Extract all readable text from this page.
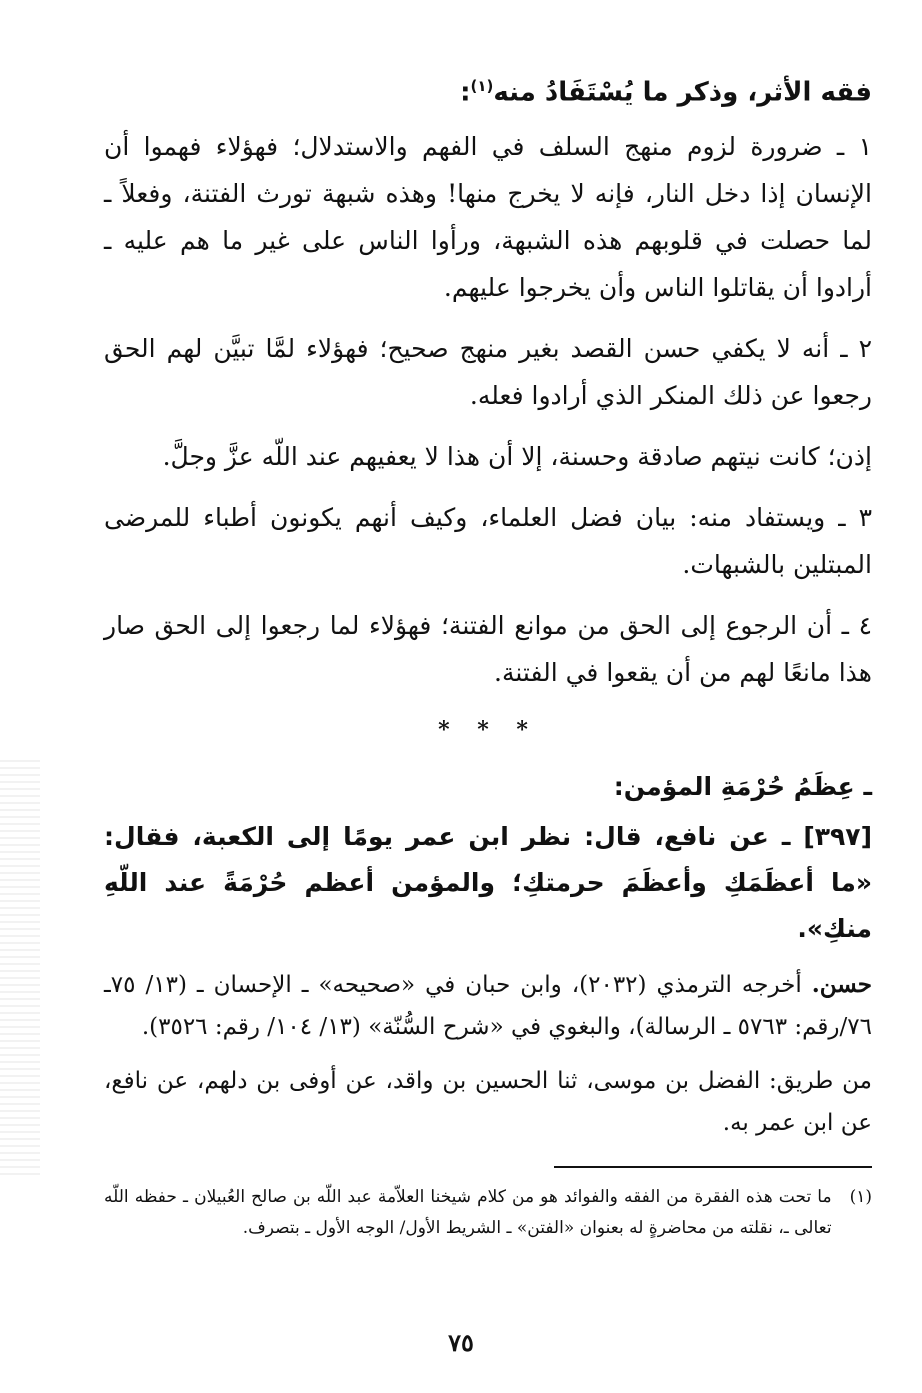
فقه الأثر، وذكر ما يُسْتَفَادُ منه$^{(١)}$:

١ ـ ضرورة لزوم منهج السلف في الفهم والاستدلال؛ فهؤلاء فهموا أن الإنسان إذا دخل النار، فإنه لا يخرج منها! وهذه شبهة تورث الفتنة، وفعلاً ـ لما حصلت في قلوبهم هذه الشبهة، ورأوا الناس على غير ما هم عليه ـ أرادوا أن يقاتلوا الناس وأن يخرجوا عليهم.

٢ ـ أنه لا يكفي حسن القصد بغير منهج صحيح؛ فهؤلاء لمَّا تبيَّن لهم الحق رجعوا عن ذلك المنكر الذي أرادوا فعله.

إذن؛ كانت نيتهم صادقة وحسنة، إلا أن هذا لا يعفيهم عند اللّه عزَّ وجلَّ.

٣ ـ ويستفاد منه: بيان فضل العلماء، وكيف أنهم يكونون أطباء للمرضى المبتلين بالشبهات.

٤ ـ أن الرجوع إلى الحق من موانع الفتنة؛ فهؤلاء لما رجعوا إلى الحق صار هذا مانعًا لهم من أن يقعوا في الفتنة.

* * *
ـ عِظَمُ حُرْمَةِ المؤمن:

[٣٩٧] ـ عن نافع، قال: نظر ابن عمر يومًا إلى الكعبة، فقال: «ما أعظَمَكِ وأعظَمَ حرمتكِ؛ والمؤمن أعظم حُرْمَةً عند اللّهِ منكِ».

حسن. أخرجه الترمذي (٢٠٣٢)، وابن حبان في «صحيحه» ـ الإحسان ـ (١٣/ ٧٥ـ ٧٦/رقم: ٥٧٦٣ ـ الرسالة)، والبغوي في «شرح السُّنّة» (١٣/ ١٠٤/ رقم: ٣٥٢٦).

من طريق: الفضل بن موسى، ثنا الحسين بن واقد، عن أوفى بن دلهم، عن نافع، عن ابن عمر به.

(١)
ما تحت هذه الفقرة من الفقه والفوائد هو من كلام شيخنا العلاّمة عبد اللّه بن صالح العُبيلان ـ حفظه اللّه تعالى ـ، نقلته من محاضرةٍ له بعنوان «الفتن» ـ الشريط الأول/ الوجه الأول ـ بتصرف.
٧٥
